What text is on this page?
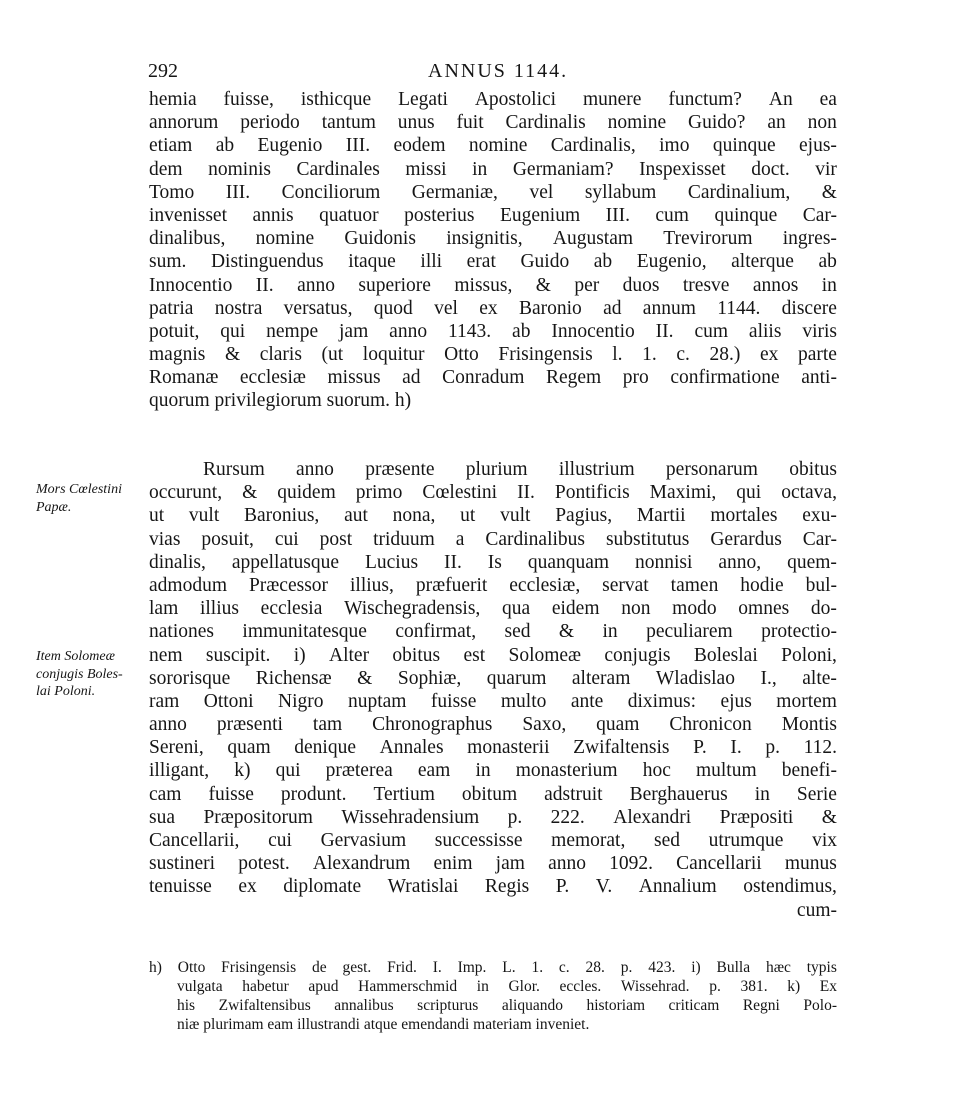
292	ANNUS 1144.
hemia fuisse, isthicque Legati Apostolici munere functum? An ea
annorum periodo tantum unus fuit Cardinalis nomine Guido? an non
etiam ab Eugenio III. eodem nomine Cardinalis, imo quinque ejus-
dem nominis Cardinales missi in Germaniam? Inspexisset doct. vir
Tomo III. Conciliorum Germaniæ, vel syllabum Cardinalium, &
invenisset annis quatuor posterius Eugenium III. cum quinque Car-
dinalibus, nomine Guidonis insignitis, Augustam Trevirorum ingres-
sum. Distinguendus itaque illi erat Guido ab Eugenio, alterque ab
Innocentio II. anno superiore missus, & per duos tresve annos in
patria nostra versatus, quod vel ex Baronio ad annum 1144. discere
potuit, qui nempe jam anno 1143. ab Innocentio II. cum aliis viris
magnis & claris (ut loquitur Otto Frisingensis l. 1. c. 28.) ex parte
Romanæ ecclesiæ missus ad Conradum Regem pro confirmatione anti-
quorum privilegiorum suorum. h)
Rursum anno præsente plurium illustrium personarum obitus
occurunt, & quidem primo Cœlestini II. Pontificis Maximi, qui octava,
ut vult Baronius, aut nona, ut vult Pagius, Martii mortales exu-
vias posuit, cui post triduum a Cardinalibus substitutus Gerardus Car-
dinalis, appellatusque Lucius II. Is quanquam nonnisi anno, quem-
admodum Præcessor illius, præfuerit ecclesiæ, servat tamen hodie bul-
lam illius ecclesia Wischegradensis, qua eidem non modo omnes do-
nationes immunitatesque confirmat, sed & in peculiarem protectio-
nem suscipit. i) Alter obitus est Solomeæ conjugis Boleslai Poloni,
sororisque Richensæ & Sophiæ, quarum alteram Wladislao I., alte-
ram Ottoni Nigro nuptam fuisse multo ante diximus: ejus mortem
anno præsenti tam Chronographus Saxo, quam Chronicon Montis
Sereni, quam denique Annales monasterii Zwifaltensis P. I. p. 112.
illigant, k) qui præterea eam in monasterium hoc multum benefi-
cam fuisse produnt. Tertium obitum adstruit Berghauerus in Serie
sua Præpositorum Wissehradensium p. 222. Alexandri Præpositi &
Cancellarii, cui Gervasium successisse memorat, sed utrumque vix
sustineri potest. Alexandrum enim jam anno 1092. Cancellarii munus
tenuisse ex diplomate Wratislai Regis P. V. Annalium ostendimus,
cum-
Mors Cœlestini
Papæ.
Item Solomeæ
conjugis Boles-
lai Poloni.
h) Otto Frisingensis de gest. Frid. I. Imp. L. 1. c. 28. p. 423. i) Bulla hæc typis
vulgata habetur apud Hammerschmid in Glor. eccles. Wissehrad. p. 381. k) Ex
his Zwifaltensibus annalibus scripturus aliquando historiam criticam Regni Polo-
niæ plurimam eam illustrandi atque emendandi materiam inveniet.
